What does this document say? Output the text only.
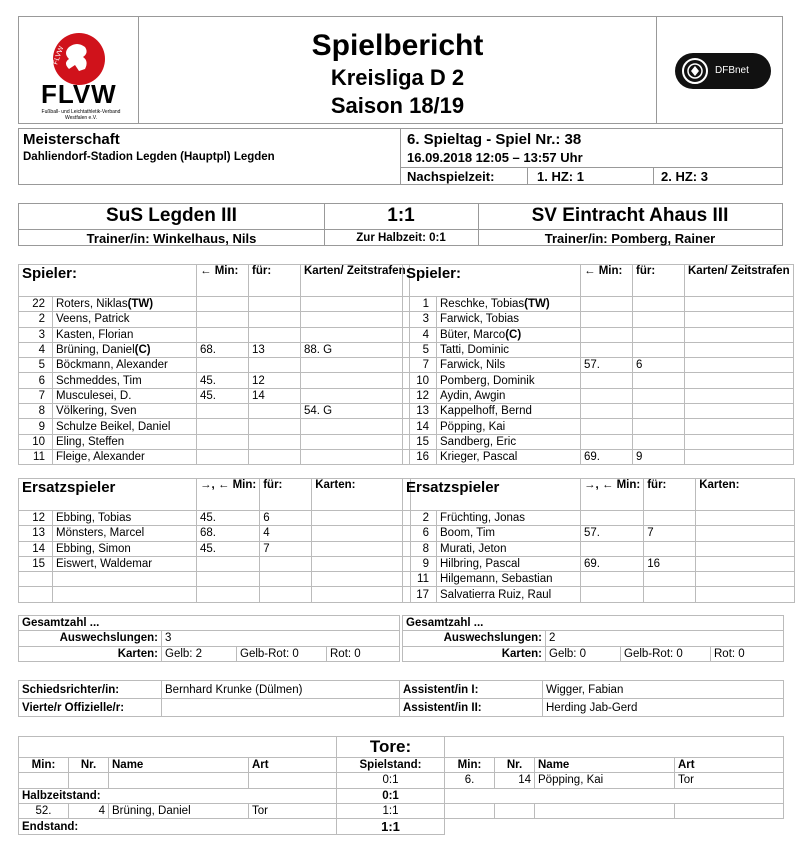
FLVW
FLVW
Fußball- und Leichtathletik-Verband Westfalen e.V.
Spielbericht
Kreisliga D 2
Saison 18/19
DFBnet
Meisterschaft
Dahliendorf-Stadion Legden (Hauptpl) Legden
6. Spieltag - Spiel Nr.: 38
16.09.2018 12:05 – 13:57 Uhr
Nachspielzeit:	1. HZ: 1	2. HZ: 3
SuS Legden III	1:1	SV Eintracht Ahaus III
Trainer/in: Winkelhaus, Nils	Zur Halbzeit: 0:1	Trainer/in: Pomberg, Rainer
Spieler:		← Min:	für:	Karten/ Zeitstrafen
22	Roters, Niklas(TW)			
2	Veens, Patrick			
3	Kasten, Florian			
4	Brüning, Daniel(C)	68.	13	88. G
5	Böckmann, Alexander			
6	Schmeddes, Tim	45.	12	
7	Musculesei, D.	45.	14	
8	Völkering, Sven			54. G
9	Schulze Beikel, Daniel			
10	Eling, Steffen			
11	Fleige, Alexander			
Spieler:		← Min:	für:	Karten/ Zeitstrafen
1	Reschke, Tobias(TW)			
3	Farwick, Tobias			
4	Büter, Marco(C)			
5	Tatti, Dominic			
7	Farwick, Nils	57.	6	
10	Pomberg, Dominik			
12	Aydin, Awgin			
13	Kappelhoff, Bernd			
14	Pöpping, Kai			
15	Sandberg, Eric			
16	Krieger, Pascal	69.	9	
Ersatzspieler		→, ← Min:	für:	Karten:
12	Ebbing, Tobias	45.	6	
13	Mönsters, Marcel	68.	4	
14	Ebbing, Simon	45.	7	
15	Eiswert, Waldemar			

Ersatzspieler		→, ← Min:	für:	Karten:
2	Früchting, Jonas			
6	Boom, Tim	57.	7	
8	Murati, Jeton			
9	Hilbring, Pascal	69.	16	
11	Hilgemann, Sebastian			
17	Salvatierra Ruiz, Raul			
Gesamtzahl ...			
Auswechslungen:	3		
Karten:	Gelb: 2	Gelb-Rot: 0	Rot: 0
Gesamtzahl ...			
Auswechslungen:	2		
Karten:	Gelb: 0	Gelb-Rot: 0	Rot: 0
Schiedsrichter/in:	Bernhard Krunke (Dülmen)	Assistent/in I:	Wigger, Fabian
Vierte/r Offizielle/r:		Assistent/in II:	Herding Jab-Gerd
				Tore:				
Min:	Nr.	Name	Art	Spielstand:	Min:	Nr.	Name	Art
				0:1	6.	14	Pöpping, Kai	Tor
Halbzeitstand:				0:1				
52.	4	Brüning, Daniel	Tor	1:1				
Endstand:				1:1				
